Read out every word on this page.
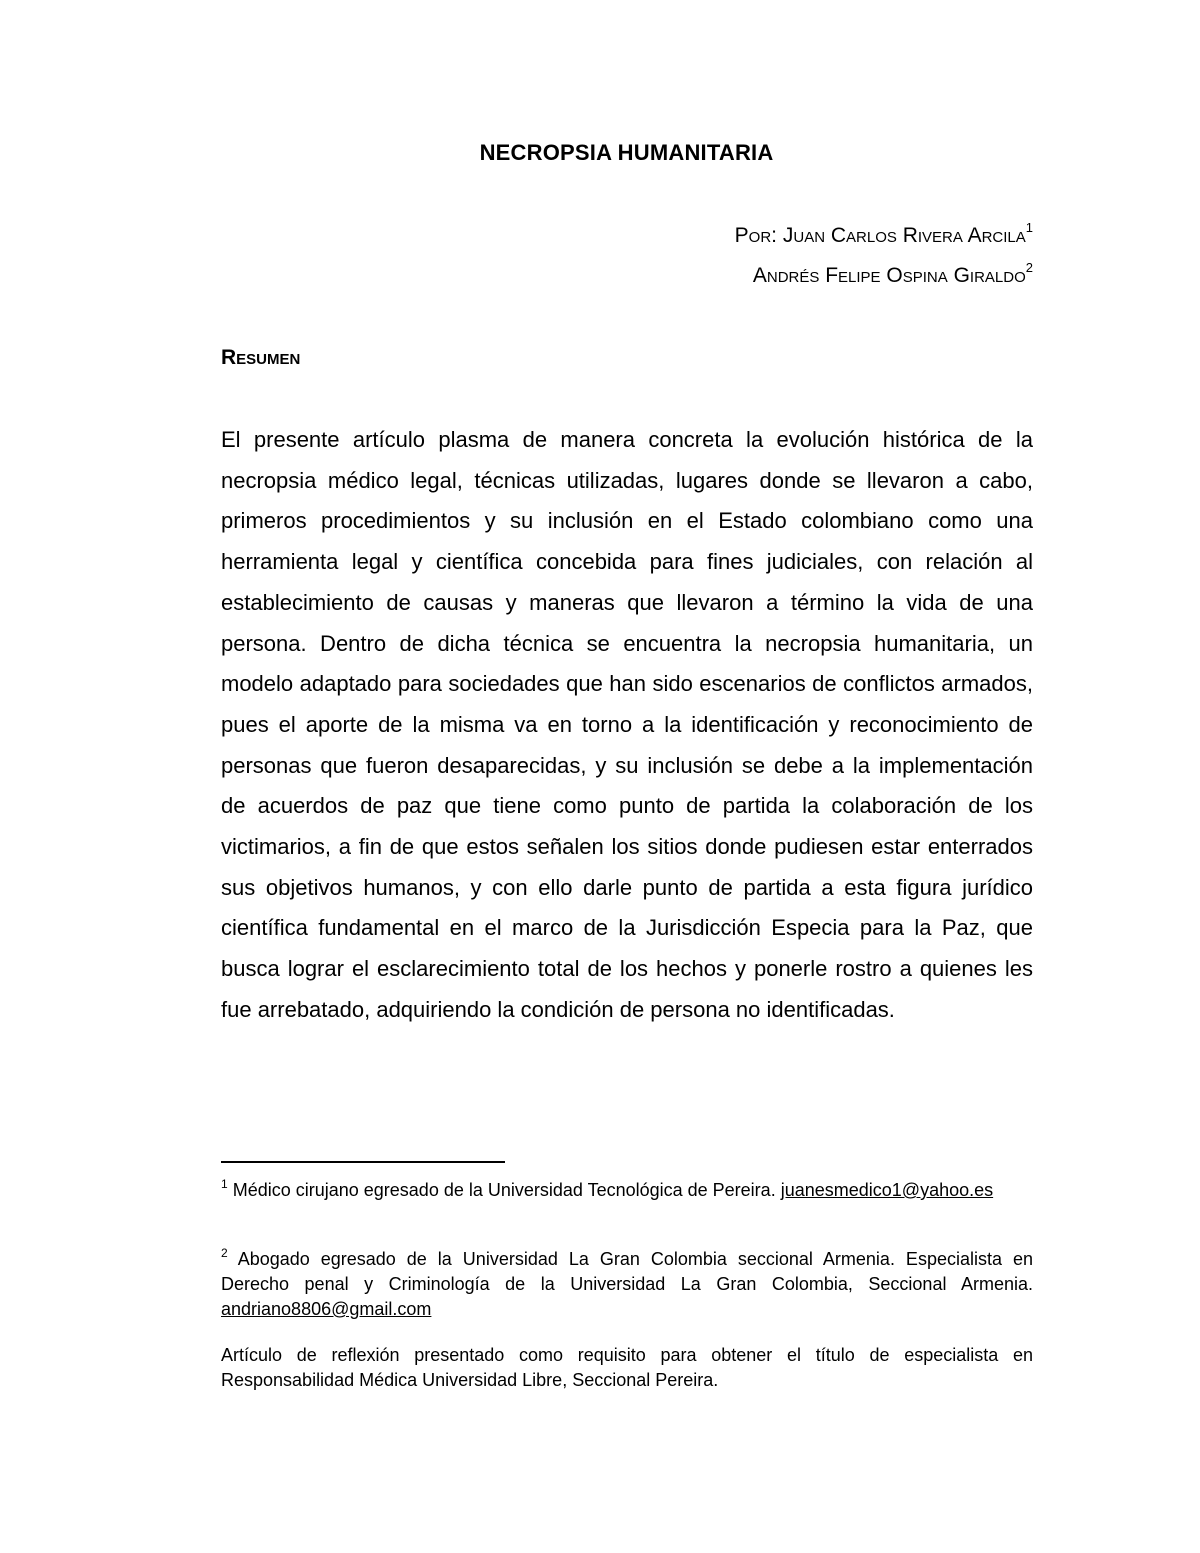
NECROPSIA HUMANITARIA
Por: Juan Carlos Rivera Arcila$^1$
Andrés Felipe Ospina Giraldo$^2$
Resumen

El presente artículo plasma de manera concreta la evolución histórica de la necropsia médico legal, técnicas utilizadas, lugares donde se llevaron a cabo, primeros procedimientos y su inclusión en el Estado colombiano como una herramienta legal y científica concebida para fines judiciales, con relación al establecimiento de causas y maneras que llevaron a término la vida de una persona. Dentro de dicha técnica se encuentra la necropsia humanitaria, un modelo adaptado para sociedades que han sido escenarios de conflictos armados, pues el aporte de la misma va en torno a la identificación y reconocimiento de personas que fueron desaparecidas, y su inclusión se debe a la implementación de acuerdos de paz que tiene como punto de partida la colaboración de los victimarios, a fin de que estos señalen los sitios donde pudiesen estar enterrados sus objetivos humanos, y con ello darle punto de partida a esta figura jurídico científica fundamental en el marco de la Jurisdicción Especia para la Paz, que busca lograr el esclarecimiento total de los hechos y ponerle rostro a quienes les fue arrebatado, adquiriendo la condición de persona no identificadas.

$^1$ Médico cirujano egresado de la Universidad Tecnológica de Pereira. juanesmedico1@yahoo.es

$^2$ Abogado egresado de la Universidad La Gran Colombia seccional Armenia. Especialista en Derecho penal y Criminología de la Universidad La Gran Colombia, Seccional Armenia. andriano8806@gmail.com

Artículo de reflexión presentado como requisito para obtener el título de especialista en Responsabilidad Médica Universidad Libre, Seccional Pereira.
